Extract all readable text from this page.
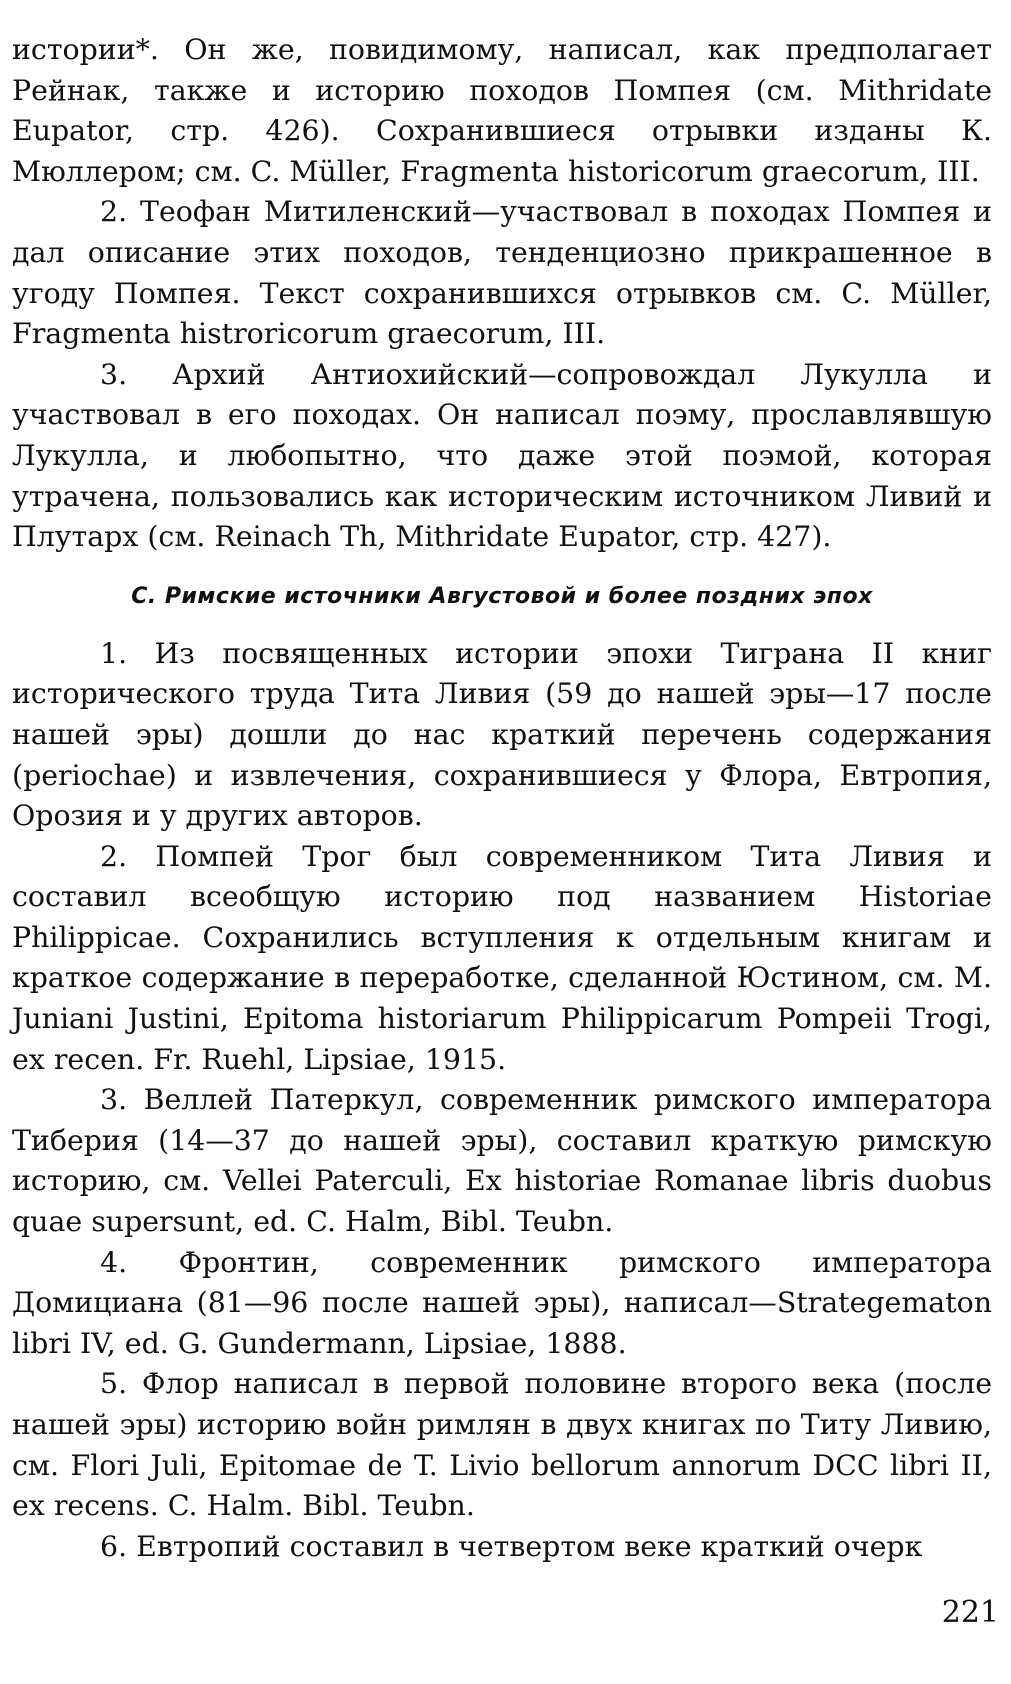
истории*. Он же, повидимому, написал, как предполагает Рейнак, также и историю походов Помпея (см. Mithridate Eupator, стр. 426). Сохранившиеся отрывки изданы К. Мюллером; см. C. Müller, Fragmenta historicorum graecorum, III.

2. Теофан Митиленский—участвовал в походах Помпея и дал описание этих походов, тенденциозно прикрашенное в угоду Помпея. Текст сохранившихся отрывков см. C. Müller, Fragmenta histroricorum graecorum, III.

3. Архий Антиохийский—сопровождал Лукулла и участвовал в его походах. Он написал поэму, прославлявшую Лукулла, и любопытно, что даже этой поэмой, которая утрачена, пользовались как историческим источником Ливий и Плутарх (см. Reinach Th, Mithridate Eupator, стр. 427).

С. Римские источники Августовой и более поздних эпох

1. Из посвященных истории эпохи Тиграна II книг исторического труда Тита Ливия (59 до нашей эры—17 после нашей эры) дошли до нас краткий перечень содержания (periochae) и извлечения, сохранившиеся у Флора, Евтропия, Орозия и у других авторов.

2. Помпей Трог был современником Тита Ливия и составил всеобщую историю под названием Historiae Philippicae. Сохранились вступления к отдельным книгам и краткое содержание в переработке, сделанной Юстином, см. M. Juniani Justini, Epitoma historiarum Philippicarum Pompeii Trogi, ex recen. Fr. Ruehl, Lipsiae, 1915.

3. Веллей Патеркул, современник римского императора Тиберия (14—37 до нашей эры), составил краткую римскую историю, см. Vellei Paterculi, Ex historiae Romanae libris duobus quae supersunt, ed. C. Halm, Bibl. Teubn.

4. Фронтин, современник римского императора Домициана (81—96 после нашей эры), написал—Strategematon libri IV, ed. G. Gundermann, Lipsiae, 1888.

5. Флор написал в первой половине второго века (после нашей эры) историю войн римлян в двух книгах по Титу Ливию, см. Flori Juli, Epitomae de T. Livio bellorum annorum DCC libri II, ex recens. C. Halm. Bibl. Teubn.

6. Евтропий составил в четвертом веке краткий очерк

221
